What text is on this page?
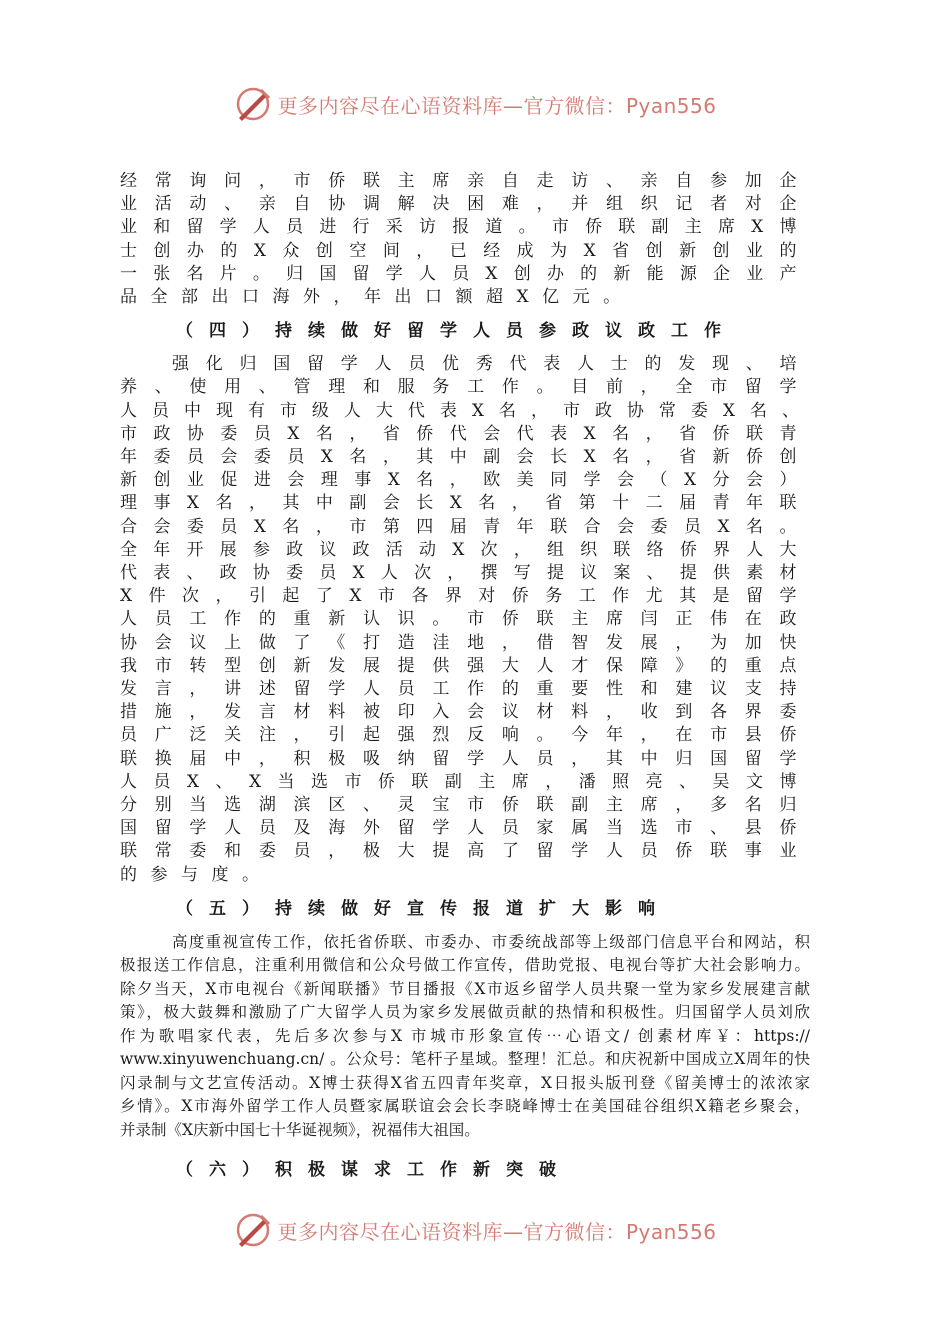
更多内容尽在心语资料库—官方微信：Pyan556

经常询问，市侨联主席亲自走访、亲自参加企

业活动、亲自协调解决困难，并组织记者对企

业和留学人员进行采访报道。市侨联副主席X博

士创办的X众创空间，已经成为X省创新创业的

一张名片。归国留学人员X创办的新能源企业产

品全部出口海外，年出口额超X亿元。

（四）持续做好留学人员参政议政工作

强化归国留学人员优秀代表人士的发现、培

养、使用、管理和服务工作。目前，全市留学

人员中现有市级人大代表X名，市政协常委X名、

市政协委员X名，省侨代会代表X名，省侨联青

年委员会委员X名，其中副会长X名，省新侨创

新创业促进会理事X名，欧美同学会（X分会）

理事X名，其中副会长X名，省第十二届青年联

合会委员X名，市第四届青年联合会委员X名。

全年开展参政议政活动X次，组织联络侨界人大

代表、政协委员X人次，撰写提议案、提供素材

X件次，引起了X市各界对侨务工作尤其是留学

人员工作的重新认识。市侨联主席闫正伟在政

协会议上做了《打造洼地，借智发展，为加快

我市转型创新发展提供强大人才保障》的重点

发言，讲述留学人员工作的重要性和建议支持

措施，发言材料被印入会议材料，收到各界委

员广泛关注，引起强烈反响。今年，在市县侨

联换届中，积极吸纳留学人员，其中归国留学

人员X、X当选市侨联副主席，潘照亮、吴文博

分别当选湖滨区、灵宝市侨联副主席，多名归

国留学人员及海外留学人员家属当选市、县侨

联常委和委员，极大提高了留学人员侨联事业

的参与度。

（五）持续做好宣传报道扩大影响
高度重视宣传工作，依托省侨联、市委办、市委统战部等上级部门信息平台和网站，积
极报送工作信息，注重利用微信和公众号做工作宣传，借助党报、电视台等扩大社会影响力。
除夕当天，X市电视台《新闻联播》节目播报《X市返乡留学人员共聚一堂为家乡发展建言献
策》，极大鼓舞和激励了广大留学人员为家乡发展做贡献的热情和积极性。归国留学人员刘欣
作为歌唱家代表，先后多次参与X 市城市形象宣传⋯心语文/ 创素材库￥：https://
www.xinyuwenchuang.cn/ 。公众号：笔杆子星域。整理！汇总。和庆祝新中国成立X周年的快
闪录制与文艺宣传活动。X博士获得X省五四青年奖章，X日报头版刊登《留美博士的浓浓家
乡情》。X市海外留学工作人员暨家属联谊会会长李晓峰博士在美国硅谷组织X籍老乡聚会，
并录制《X庆新中国七十华诞视频》，祝福伟大祖国。
（六）积极谋求工作新突破
更多内容尽在心语资料库—官方微信：Pyan556
